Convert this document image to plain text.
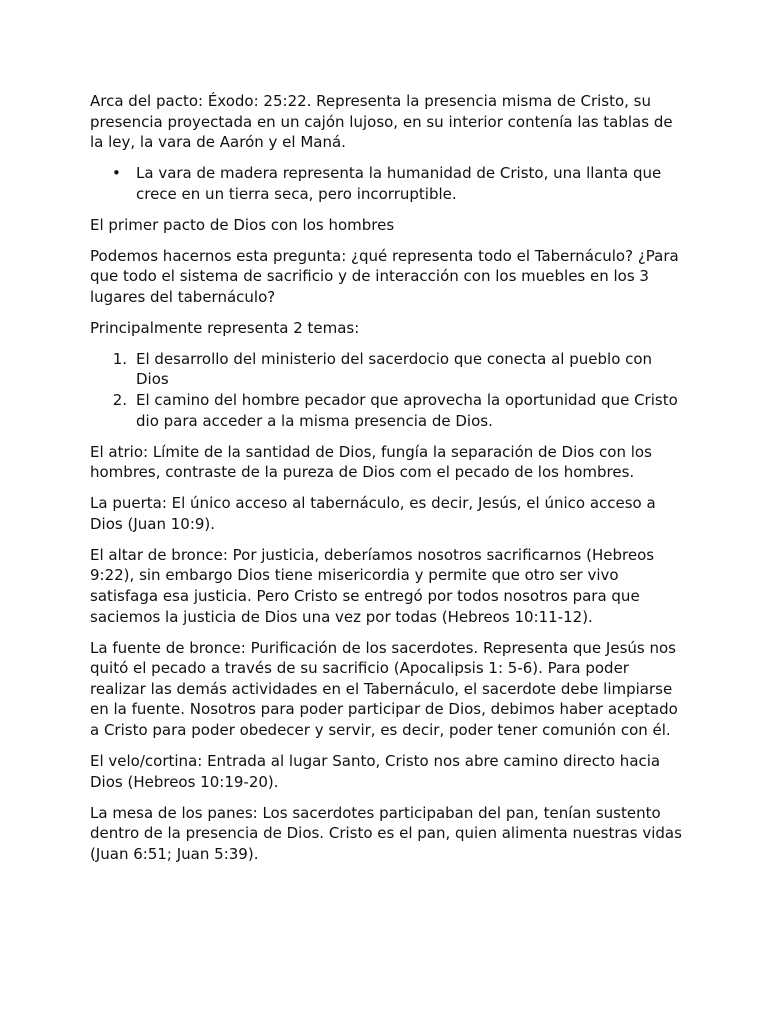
Arca del pacto: Éxodo: 25:22. Representa la presencia misma de Cristo, su presencia proyectada en un cajón lujoso, en su interior contenía las tablas de la ley, la vara de Aarón y el Maná.

• La vara de madera representa la humanidad de Cristo, una llanta que crece en un tierra seca, pero incorruptible.

El primer pacto de Dios con los hombres

Podemos hacernos esta pregunta: ¿qué representa todo el Tabernáculo? ¿Para que todo el sistema de sacrificio y de interacción con los muebles en los 3 lugares del tabernáculo?

Principalmente representa 2 temas:

1. El desarrollo del ministerio del sacerdocio que conecta al pueblo con Dios
2. El camino del hombre pecador que aprovecha la oportunidad que Cristo dio para acceder a la misma presencia de Dios.

El atrio: Límite de la santidad de Dios, fungía la separación de Dios con los hombres, contraste de la pureza de Dios com el pecado de los hombres.

La puerta: El único acceso al tabernáculo, es decir, Jesús, el único acceso a Dios (Juan 10:9).

El altar de bronce: Por justicia, deberíamos nosotros sacrificarnos (Hebreos 9:22), sin embargo Dios tiene misericordia y permite que otro ser vivo satisfaga esa justicia. Pero Cristo se entregó por todos nosotros para que saciemos la justicia de Dios una vez por todas (Hebreos 10:11-12).

La fuente de bronce: Purificación de los sacerdotes. Representa que Jesús nos quitó el pecado a través de su sacrificio (Apocalipsis 1: 5-6). Para poder realizar las demás actividades en el Tabernáculo, el sacerdote debe limpiarse en la fuente. Nosotros para poder participar de Dios, debimos haber aceptado a Cristo para poder obedecer y servir, es decir, poder tener comunión con él.

El velo/cortina: Entrada al lugar Santo, Cristo nos abre camino directo hacia Dios (Hebreos 10:19-20).

La mesa de los panes: Los sacerdotes participaban del pan, tenían sustento dentro de la presencia de Dios. Cristo es el pan, quien alimenta nuestras vidas (Juan 6:51; Juan 5:39).
